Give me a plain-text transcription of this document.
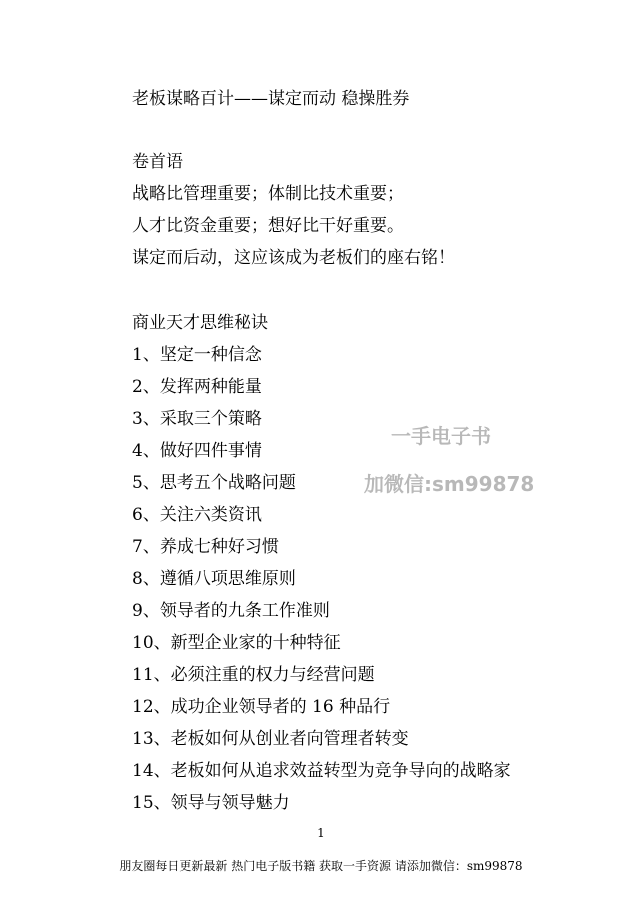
老板谋略百计——谋定而动 稳操胜券
卷首语
战略比管理重要；体制比技术重要；
人才比资金重要；想好比干好重要。
谋定而后动，这应该成为老板们的座右铭！
商业天才思维秘诀
1、坚定一种信念
2、发挥两种能量
3、采取三个策略
4、做好四件事情
5、思考五个战略问题
6、关注六类资讯
7、养成七种好习惯
8、遵循八项思维原则
9、领导者的九条工作准则
10、新型企业家的十种特征
11、必须注重的权力与经营问题
12、成功企业领导者的 16 种品行
13、老板如何从创业者向管理者转变
14、老板如何从追求效益转型为竞争导向的战略家
15、领导与领导魅力
一手电子书
加微信:sm99878
1
朋友圈每日更新最新 热门电子版书籍 获取一手资源 请添加微信：sm99878
